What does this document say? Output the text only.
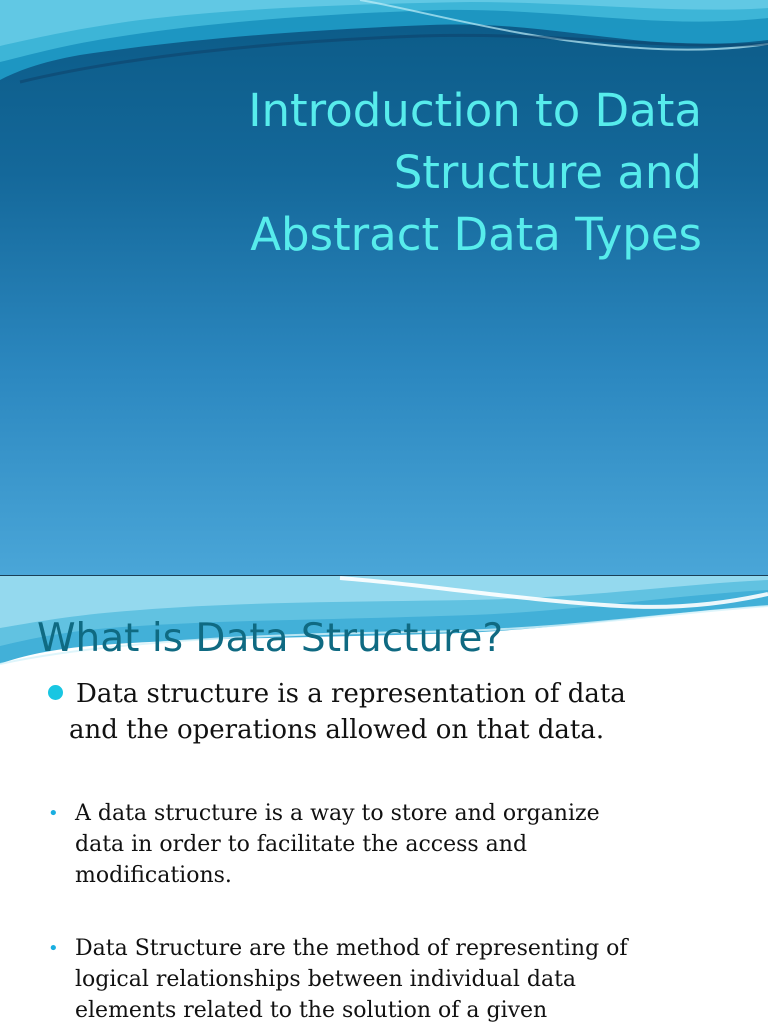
Introduction to Data
Structure and
Abstract Data Types
What is Data Structure?
Data structure is a representation of data
and the operations allowed on that data.
• A data structure is a way to store and organize
data in order to facilitate the access and
modifications.
• Data Structure are the method of representing of
logical relationships between individual data
elements related to the solution of a given
